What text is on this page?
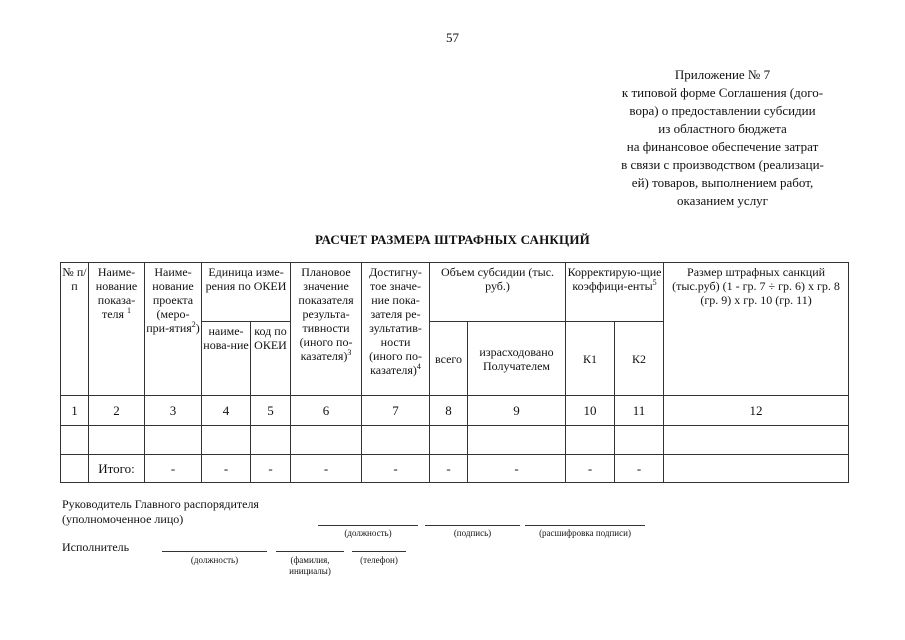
57
Приложение № 7
к типовой форме Соглашения (дого-
вора) о предоставлении субсидии
из областного бюджета
на финансовое обеспечение затрат
в связи с производством (реализаци-
ей) товаров, выполнением работ,
оказанием услуг
РАСЧЕТ РАЗМЕРА ШТРАФНЫХ САНКЦИЙ
№ п/п	Наиме-нование показа-теля $^1$	Наиме-нование проекта (меро-при-ятия$^2$)	Единица изме-рения по ОКЕИ		Плановое значение показателя результа-тивности (иного по-казателя)$^3$	Достигну-тое значе-ние пока-зателя ре-зультатив-ности (иного по-казателя)$^4$	Объем субсидии (тыс. руб.)		Корректирую-щие коэффици-енты$^5$		Размер штрафных санкций (тыс.руб) (1 - гр. 7 ÷ гр. 6) х гр. 8 (гр. 9) х гр. 10 (гр. 11)
			наиме-нова-ние	код по ОКЕИ			всего	израсходовано Получателем	К1	К2	
1	2	3	4	5	6	7	8	9	10	11	12

	Итого:	-	-	-	-	-	-	-	-	-	
Руководитель Главного распорядителя
(уполномоченное лицо)
(должность)	(подпись)	(расшифровка подписи)
Исполнитель
(должность)	(фамилия, инициалы)
(телефон)
